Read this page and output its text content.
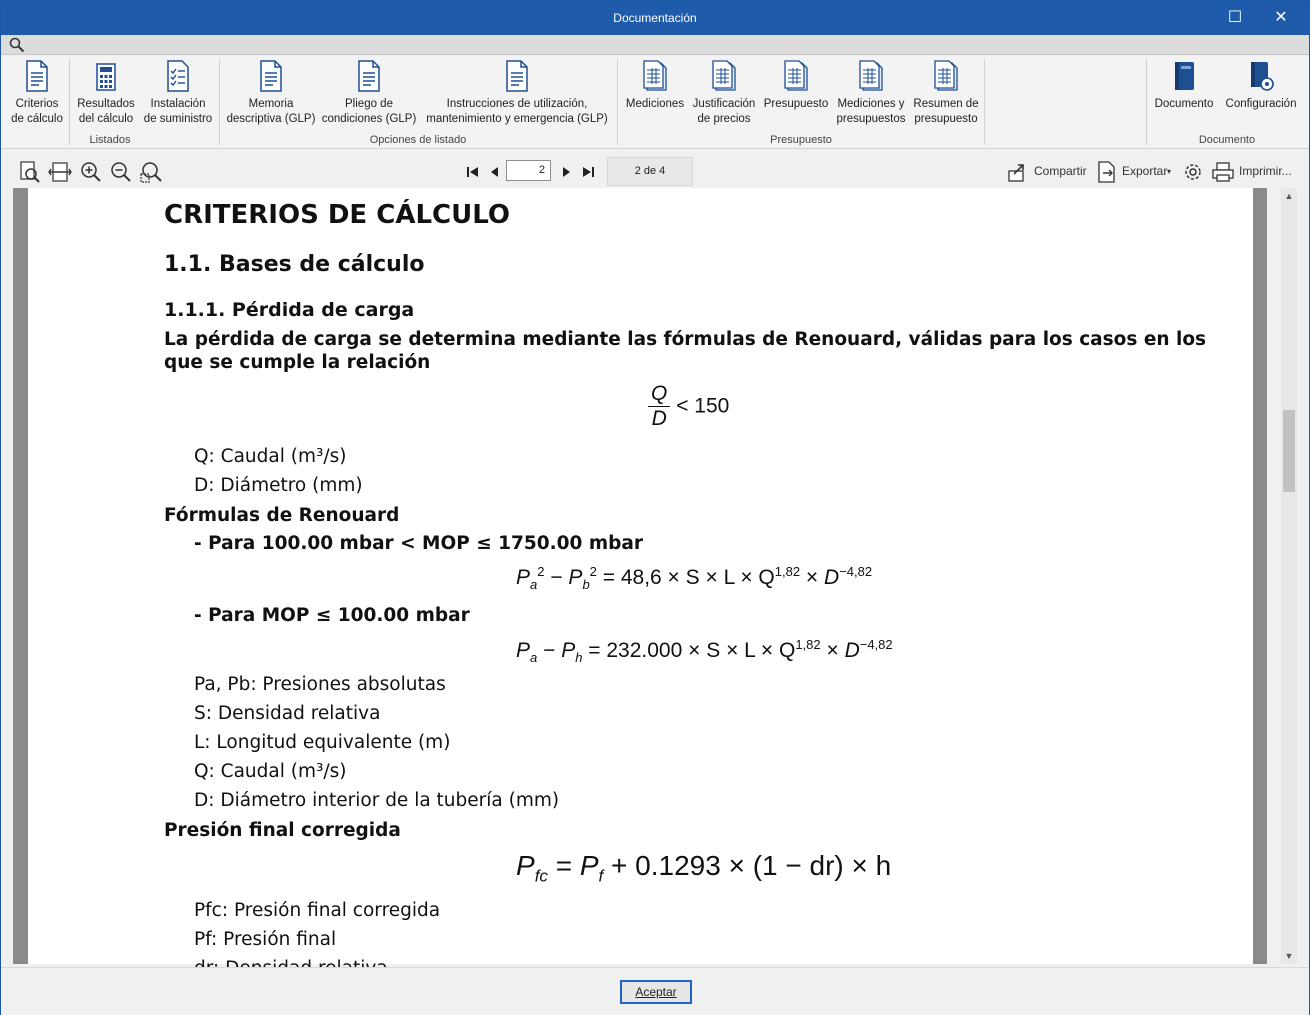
Documentación	☐	✕
Criterios
de cálculo
Resultados
del cálculo
Instalación
de suministro
Listados
Memoria
descriptiva (GLP)
Pliego de
condiciones (GLP)
Instrucciones de utilización,
mantenimiento y emergencia (GLP)
Opciones de listado
Mediciones Justificación
de precios
Presupuesto Mediciones y
presupuestos
Resumen de
presupuesto
Presupuesto
Documento	Configuración
Documento
2	2 de 4	Compartir	Exportar ▾	Imprimir...
CRITERIOS DE CÁLCULO
1.1. Bases de cálculo
1.1.1. Pérdida de carga
La pérdida de carga se determina mediante las fórmulas de Renouard, válidas para los casos en los que se cumple la relación
$\frac{Q}{D} < 150$
Q: Caudal (m³/s)
D: Diámetro (mm)
Fórmulas de Renouard
- Para 100.00 mbar < MOP ≤ 1750.00 mbar
$P_a^2 - P_b^2 = 48,6 \times S \times L \times Q^{1,82} \times D^{-4,82}$
- Para MOP ≤ 100.00 mbar
$P_a - P_h = 232.000 \times S \times L \times Q^{1,82} \times D^{-4,82}$
Pa, Pb: Presiones absolutas
S: Densidad relativa
L: Longitud equivalente (m)
Q: Caudal (m³/s)
D: Diámetro interior de la tubería (mm)
Presión final corregida
$P_{fc} = P_f + 0.1293 \times (1 - dr) \times h$
Pfc: Presión final corregida
Pf: Presión final
▲
▼
Aceptar
